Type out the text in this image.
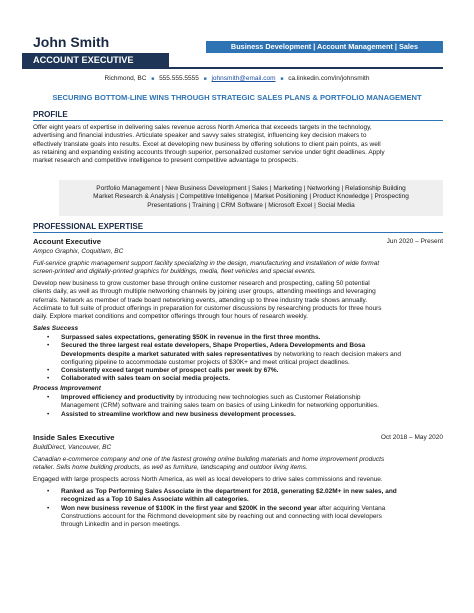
John Smith	Business Development | Account Management | Sales
ACCOUNT EXECUTIVE
Richmond, BC ■ 555.555.5555 ■ johnsmith@email.com ■ ca.linkedin.com/in/johnsmith
SECURING BOTTOM-LINE WINS THROUGH STRATEGIC SALES PLANS & PORTFOLIO MANAGEMENT
PROFILE
Offer eight years of expertise in delivering sales revenue across North America that exceeds targets in the technology,
advertising and financial industries. Articulate speaker and savvy sales strategist, influencing key decision makers to
effectively translate goals into results. Excel at developing new business by offering solutions to client pain points, as well
as retaining and expanding existing accounts through superior, personalized customer service under tight deadlines. Apply
market research and competitive intelligence to present competitive advantage to prospects.
Portfolio Management | New Business Development | Sales | Marketing | Networking | Relationship Building
Market Research & Analysis | Competitive Intelligence | Market Positioning | Product Knowledge | Prospecting
Presentations | Training | CRM Software | Microsoft Excel | Social Media
PROFESSIONAL EXPERTISE
Account Executive	Jun 2020 – Present
Ampco Graphix, Coquitlam, BC
Full-service graphic management support facility specializing in the design, manufacturing and installation of wide format
screen-printed and digitally-printed graphics for buildings, media, fleet vehicles and special events.
Develop new business to grow customer base through online customer research and prospecting, calling 50 potential
clients daily, as well as through multiple networking channels by joining user groups, attending meetings and leveraging
referrals. Network as member of trade board networking events, attending up to three industry trade shows annually.
Acclimate to full suite of product offerings in preparation for customer discussions by researching products for three hours
daily. Explore market conditions and competitor offerings through four hours of research weekly.
Sales Success
• Surpassed sales expectations, generating $50K in revenue in the first three months.
• Secured the three largest real estate developers, Shape Properties, Adera Developments and Bosa
Developments despite a market saturated with sales representatives by networking to reach decision makers and
configuring pipeline to accommodate customer projects of $30K+ and meet critical project deadlines.
• Consistently exceed target number of prospect calls per week by 67%.
• Collaborated with sales team on social media projects.
Process Improvement
• Improved efficiency and productivity by introducing new technologies such as Customer Relationship
Management (CRM) software and training sales team on basics of using LinkedIn for networking opportunities.
• Assisted to streamline workflow and new business development processes.
Inside Sales Executive	Oct 2018 – May 2020
BuildDirect, Vancouver, BC
Canadian e-commerce company and one of the fastest growing online building materials and home improvement products
retailer. Sells home building products, as well as furniture, landscaping and outdoor living items.
Engaged with large prospects across North America, as well as local developers to drive sales commissions and revenue.
• Ranked as Top Performing Sales Associate in the department for 2018, generating $2.02M+ in new sales, and
recognized as a Top 10 Sales Associate within all categories.
• Won new business revenue of $100K in the first year and $200K in the second year after acquiring Ventana
Constructions account for the Richmond development site by reaching out and connecting with local developers
through LinkedIn and in person meetings.
